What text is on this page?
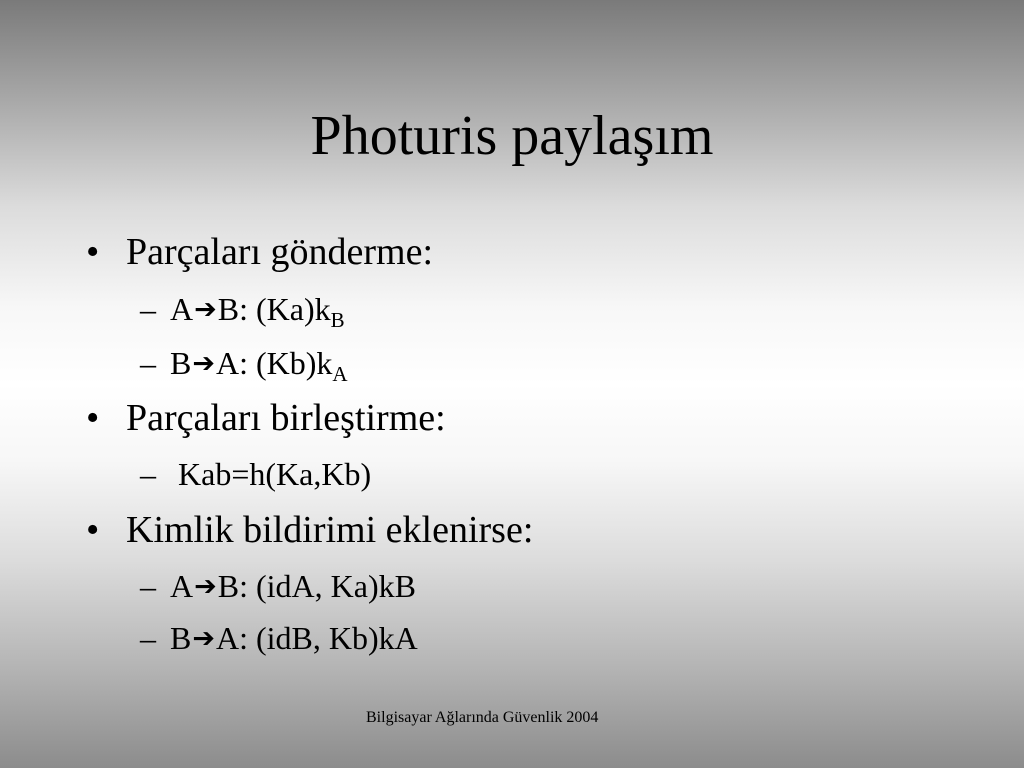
Photuris paylaşım
• Parçaları gönderme:
– A➔B: $(Ka)k_B$
– B➔A: $(Kb)k_A$
• Parçaları birleştirme:
– Kab=h(Ka,Kb)
• Kimlik bildirimi eklenirse:
– A➔B: (idA, Ka)kB
– B➔A: (idB, Kb)kA
Bilgisayar Ağlarında Güvenlik 2004
